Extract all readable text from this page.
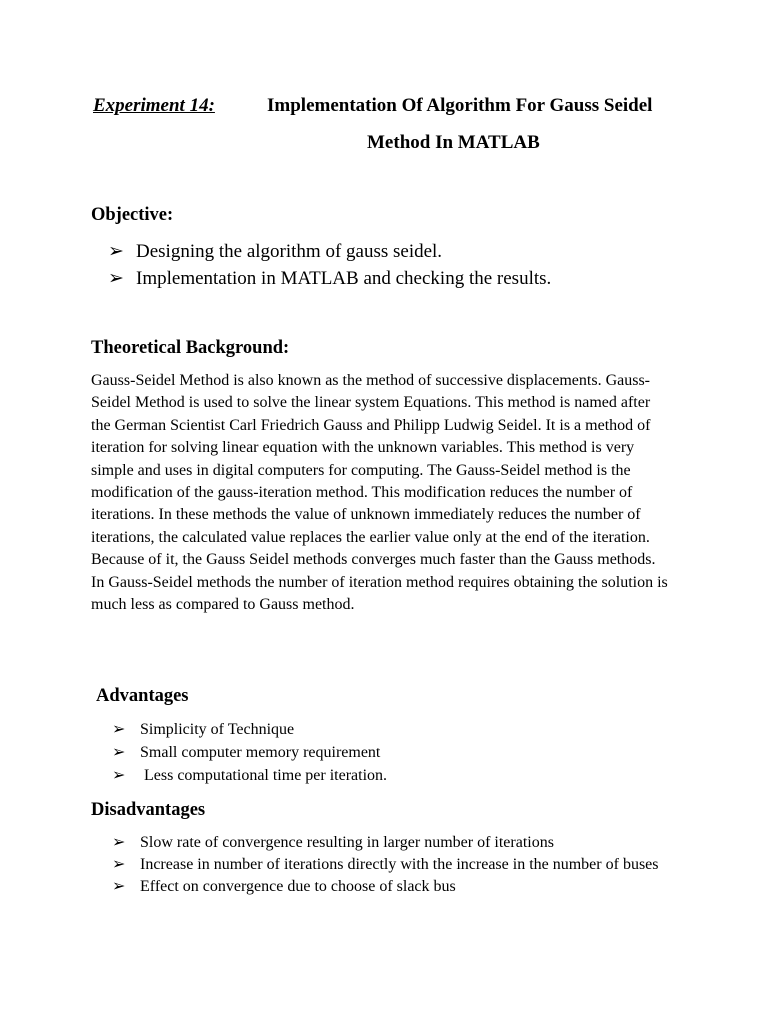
Experiment 14:	Implementation Of Algorithm For Gauss Seidel
Method In MATLAB
Objective:
➢ Designing the algorithm of gauss seidel.
➢ Implementation in MATLAB and checking the results.
Theoretical Background:

Gauss-Seidel Method is also known as the method of successive displacements. Gauss-Seidel Method is used to solve the linear system Equations. This method is named after the German Scientist Carl Friedrich Gauss and Philipp Ludwig Seidel. It is a method of iteration for solving linear equation with the unknown variables. This method is very simple and uses in digital computers for computing. The Gauss-Seidel method is the modification of the gauss-iteration method. This modification reduces the number of iterations. In these methods the value of unknown immediately reduces the number of iterations, the calculated value replaces the earlier value only at the end of the iteration. Because of it, the Gauss Seidel methods converges much faster than the Gauss methods. In Gauss-Seidel methods the number of iteration method requires obtaining the solution is much less as compared to Gauss method.

Advantages
➢ Simplicity of Technique
➢ Small computer memory requirement
➢ Less computational time per iteration.
Disadvantages
➢ Slow rate of convergence resulting in larger number of iterations
➢ Increase in number of iterations directly with the increase in the number of buses
➢ Effect on convergence due to choose of slack bus
